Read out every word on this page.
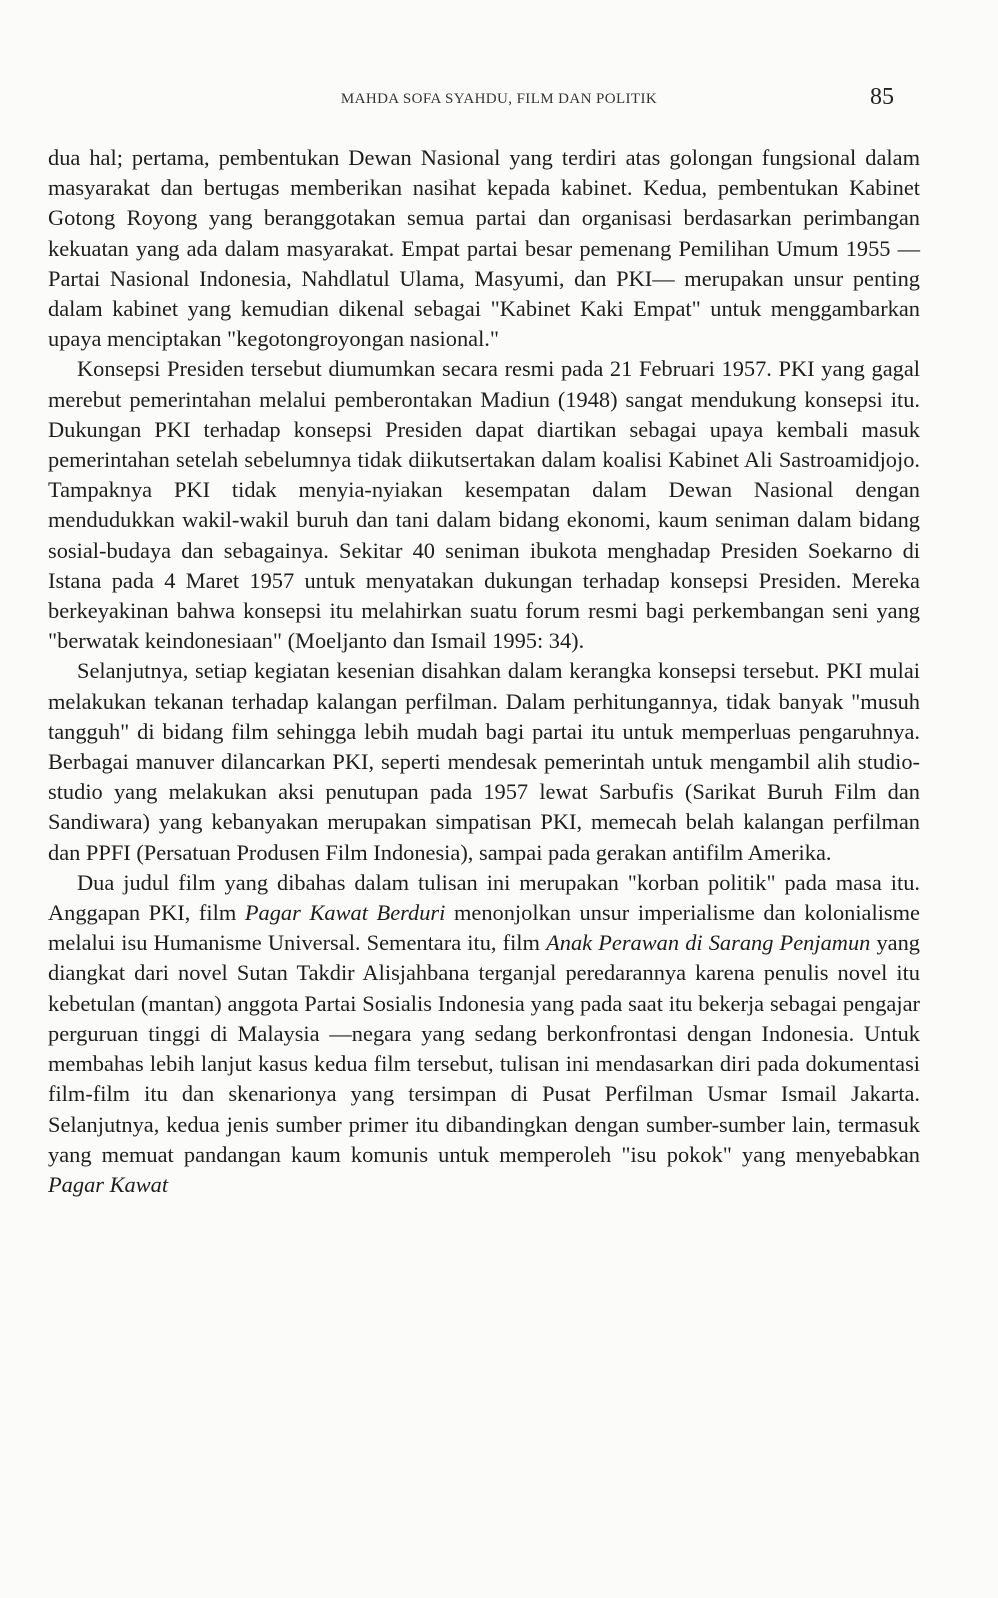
MAHDA SOFA SYAHDU, FILM DAN POLITIK	85

dua hal; pertama, pembentukan Dewan Nasional yang terdiri atas golongan fungsional dalam masyarakat dan bertugas memberikan nasihat kepada kabinet. Kedua, pembentukan Kabinet Gotong Royong yang beranggotakan semua partai dan organisasi berdasarkan perimbangan kekuatan yang ada dalam masyarakat. Empat partai besar pemenang Pemilihan Umum 1955 —Partai Nasional Indonesia, Nahdlatul Ulama, Masyumi, dan PKI— merupakan unsur penting dalam kabinet yang kemudian dikenal sebagai "Kabinet Kaki Empat" untuk menggambarkan upaya menciptakan "kegotongroyongan nasional."

Konsepsi Presiden tersebut diumumkan secara resmi pada 21 Februari 1957. PKI yang gagal merebut pemerintahan melalui pemberontakan Madiun (1948) sangat mendukung konsepsi itu. Dukungan PKI terhadap konsepsi Presiden dapat diartikan sebagai upaya kembali masuk pemerintahan setelah sebelumnya tidak diikutsertakan dalam koalisi Kabinet Ali Sastroamidjojo. Tampaknya PKI tidak menyia-nyiakan kesempatan dalam Dewan Nasional dengan mendudukkan wakil-wakil buruh dan tani dalam bidang ekonomi, kaum seniman dalam bidang sosial-budaya dan sebagainya. Sekitar 40 seniman ibukota menghadap Presiden Soekarno di Istana pada 4 Maret 1957 untuk menyatakan dukungan terhadap konsepsi Presiden. Mereka berkeyakinan bahwa konsepsi itu melahirkan suatu forum resmi bagi perkembangan seni yang "berwatak keindonesiaan" (Moeljanto dan Ismail 1995: 34).

Selanjutnya, setiap kegiatan kesenian disahkan dalam kerangka konsepsi tersebut. PKI mulai melakukan tekanan terhadap kalangan perfilman. Dalam perhitungannya, tidak banyak "musuh tangguh" di bidang film sehingga lebih mudah bagi partai itu untuk memperluas pengaruhnya. Berbagai manuver dilancarkan PKI, seperti mendesak pemerintah untuk mengambil alih studio-studio yang melakukan aksi penutupan pada 1957 lewat Sarbufis (Sarikat Buruh Film dan Sandiwara) yang kebanyakan merupakan simpatisan PKI, memecah belah kalangan perfilman dan PPFI (Persatuan Produsen Film Indonesia), sampai pada gerakan antifilm Amerika.

Dua judul film yang dibahas dalam tulisan ini merupakan "korban politik" pada masa itu. Anggapan PKI, film Pagar Kawat Berduri menonjolkan unsur imperialisme dan kolonialisme melalui isu Humanisme Universal. Sementara itu, film Anak Perawan di Sarang Penjamun yang diangkat dari novel Sutan Takdir Alisjahbana terganjal peredarannya karena penulis novel itu kebetulan (mantan) anggota Partai Sosialis Indonesia yang pada saat itu bekerja sebagai pengajar perguruan tinggi di Malaysia —negara yang sedang berkonfrontasi dengan Indonesia. Untuk membahas lebih lanjut kasus kedua film tersebut, tulisan ini mendasarkan diri pada dokumentasi film-film itu dan skenarionya yang tersimpan di Pusat Perfilman Usmar Ismail Jakarta. Selanjutnya, kedua jenis sumber primer itu dibandingkan dengan sumber-sumber lain, termasuk yang memuat pandangan kaum komunis untuk memperoleh "isu pokok" yang menyebabkan Pagar Kawat
